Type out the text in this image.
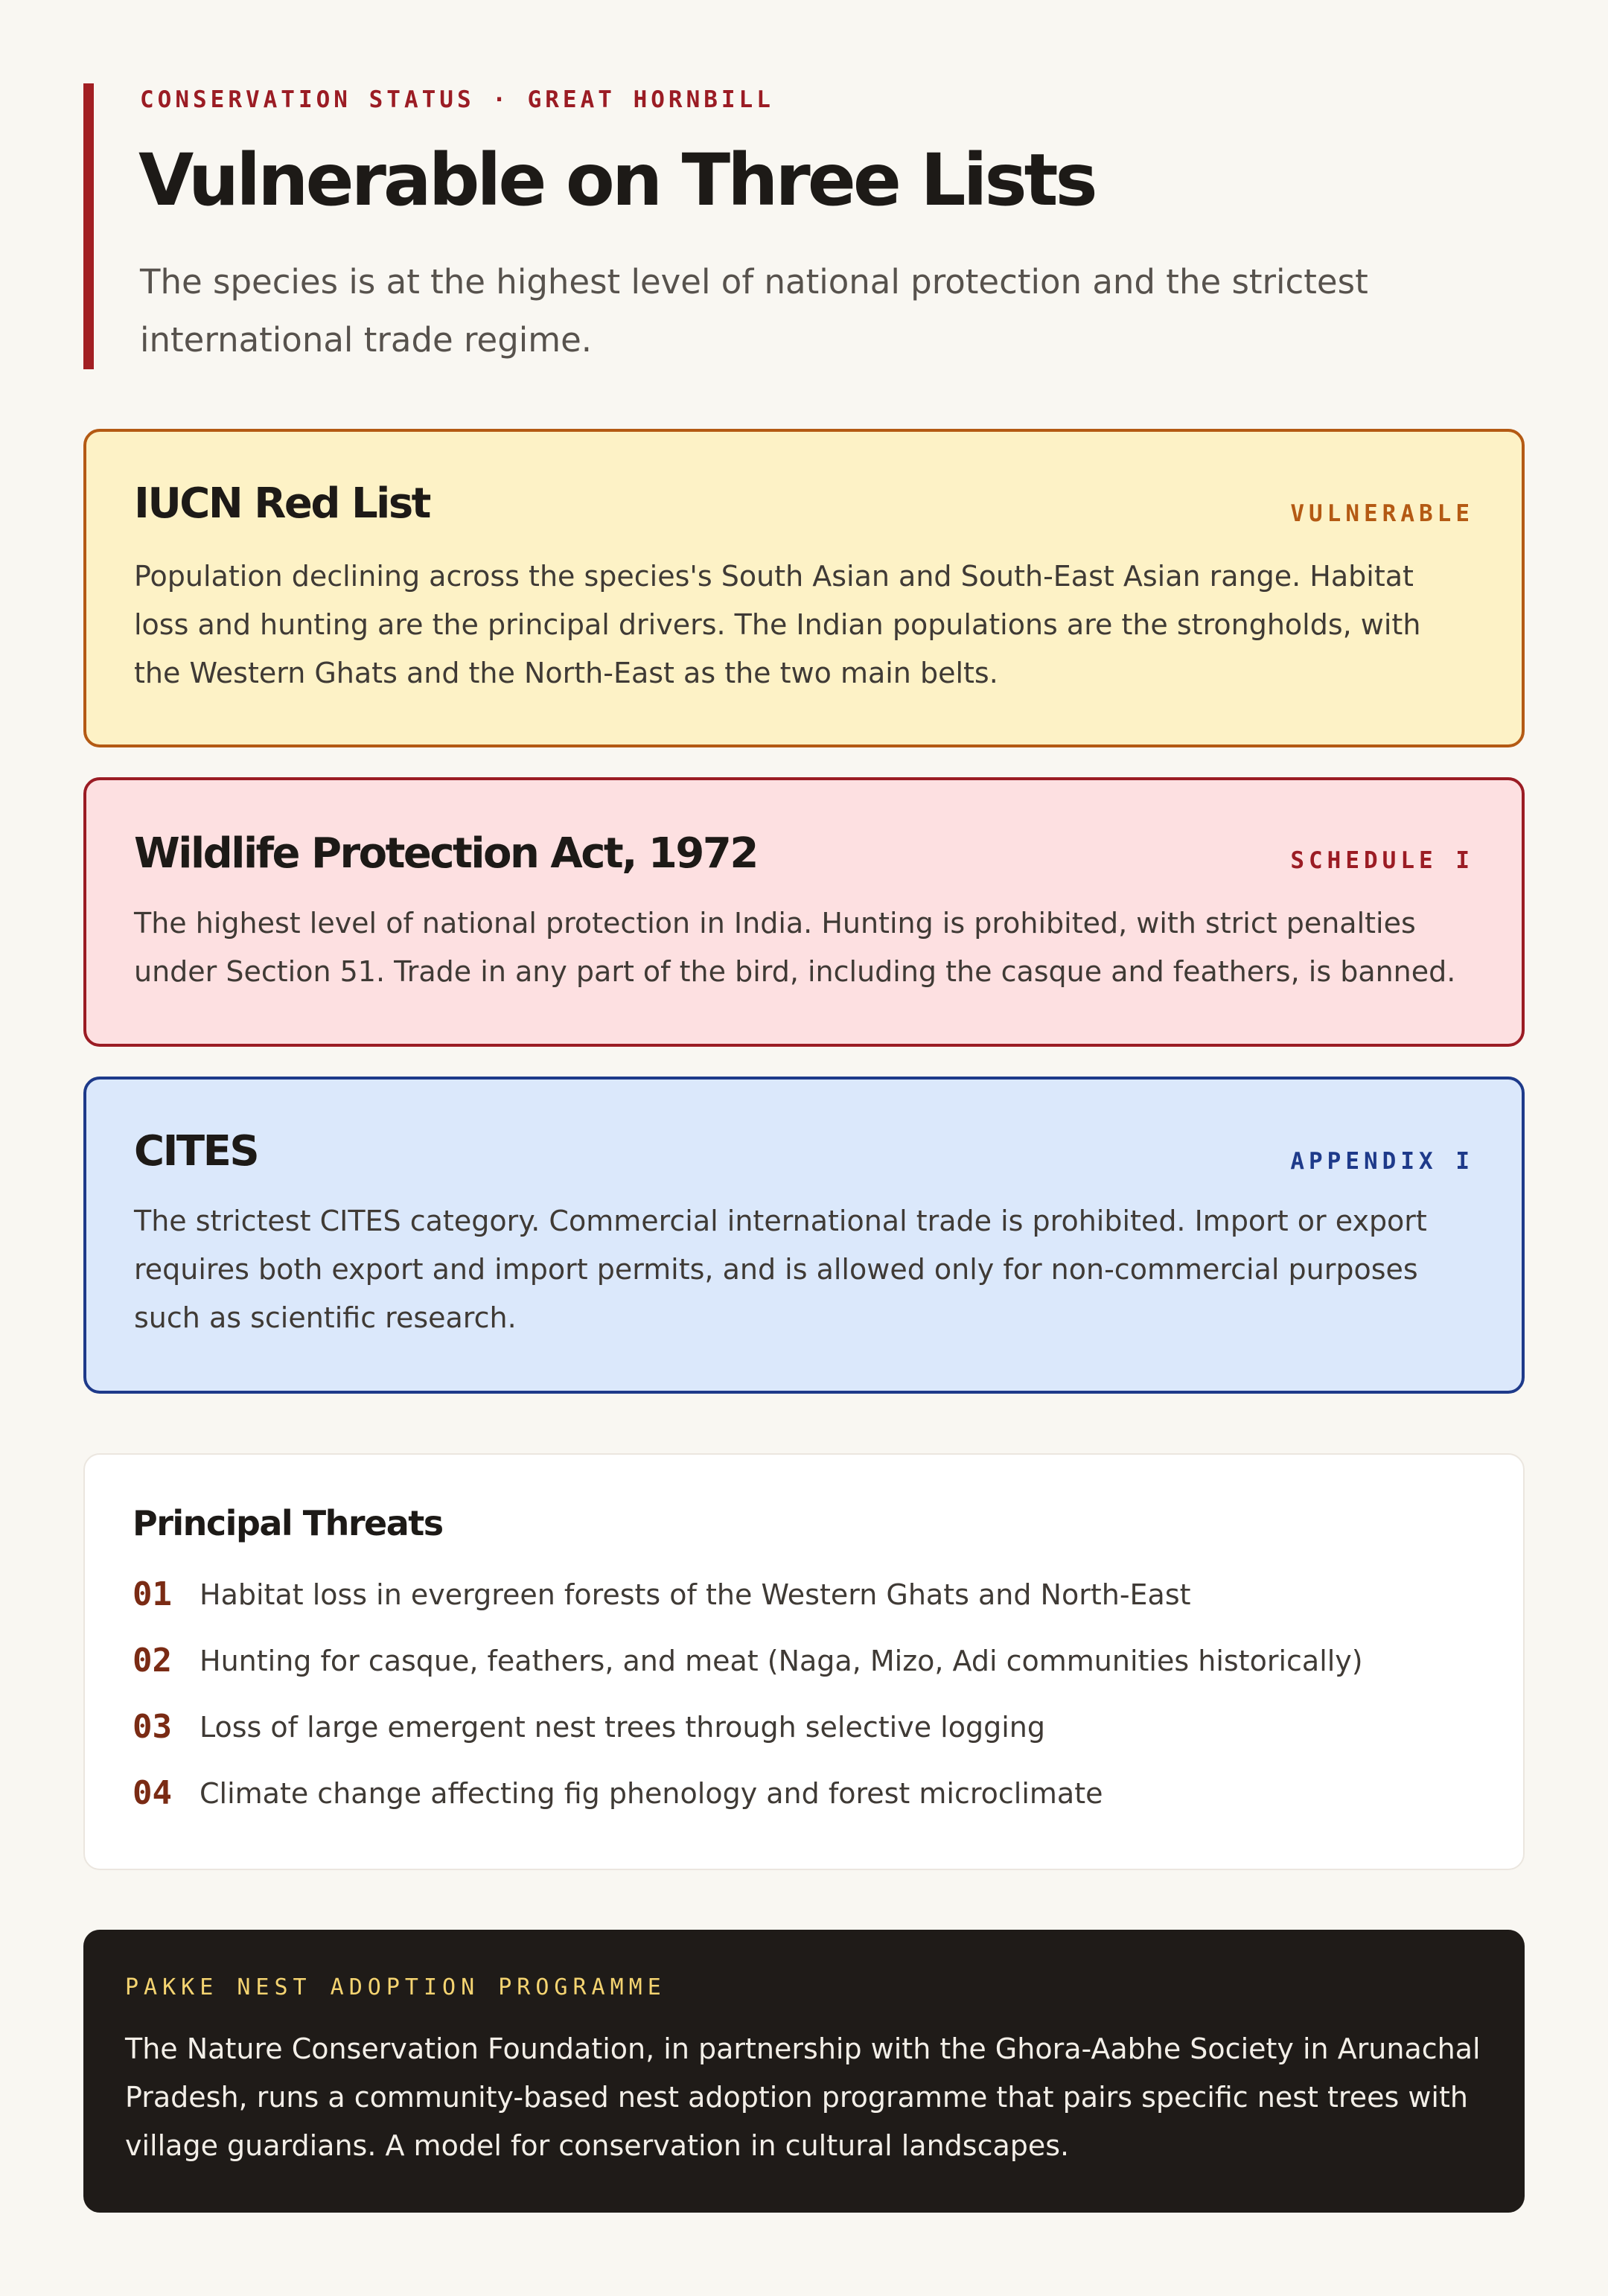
CONSERVATION STATUS · GREAT HORNBILL
Vulnerable on Three Lists

The species is at the highest level of national protection and the strictest international trade regime.

IUCN Red List	VULNERABLE

Population declining across the species's South Asian and South-East Asian range. Habitat loss and hunting are the principal drivers. The Indian populations are the strongholds, with the Western Ghats and the North-East as the two main belts.

Wildlife Protection Act, 1972	SCHEDULE I

The highest level of national protection in India. Hunting is prohibited, with strict penalties under Section 51. Trade in any part of the bird, including the casque and feathers, is banned.

CITES	APPENDIX I

The strictest CITES category. Commercial international trade is prohibited. Import or export requires both export and import permits, and is allowed only for non-commercial purposes such as scientific research.

Principal Threats
01 Habitat loss in evergreen forests of the Western Ghats and North-East
02 Hunting for casque, feathers, and meat (Naga, Mizo, Adi communities historically)
03 Loss of large emergent nest trees through selective logging
04 Climate change affecting fig phenology and forest microclimate
PAKKE NEST ADOPTION PROGRAMME

The Nature Conservation Foundation, in partnership with the Ghora-Aabhe Society in Arunachal Pradesh, runs a community-based nest adoption programme that pairs specific nest trees with village guardians. A model for conservation in cultural landscapes.
